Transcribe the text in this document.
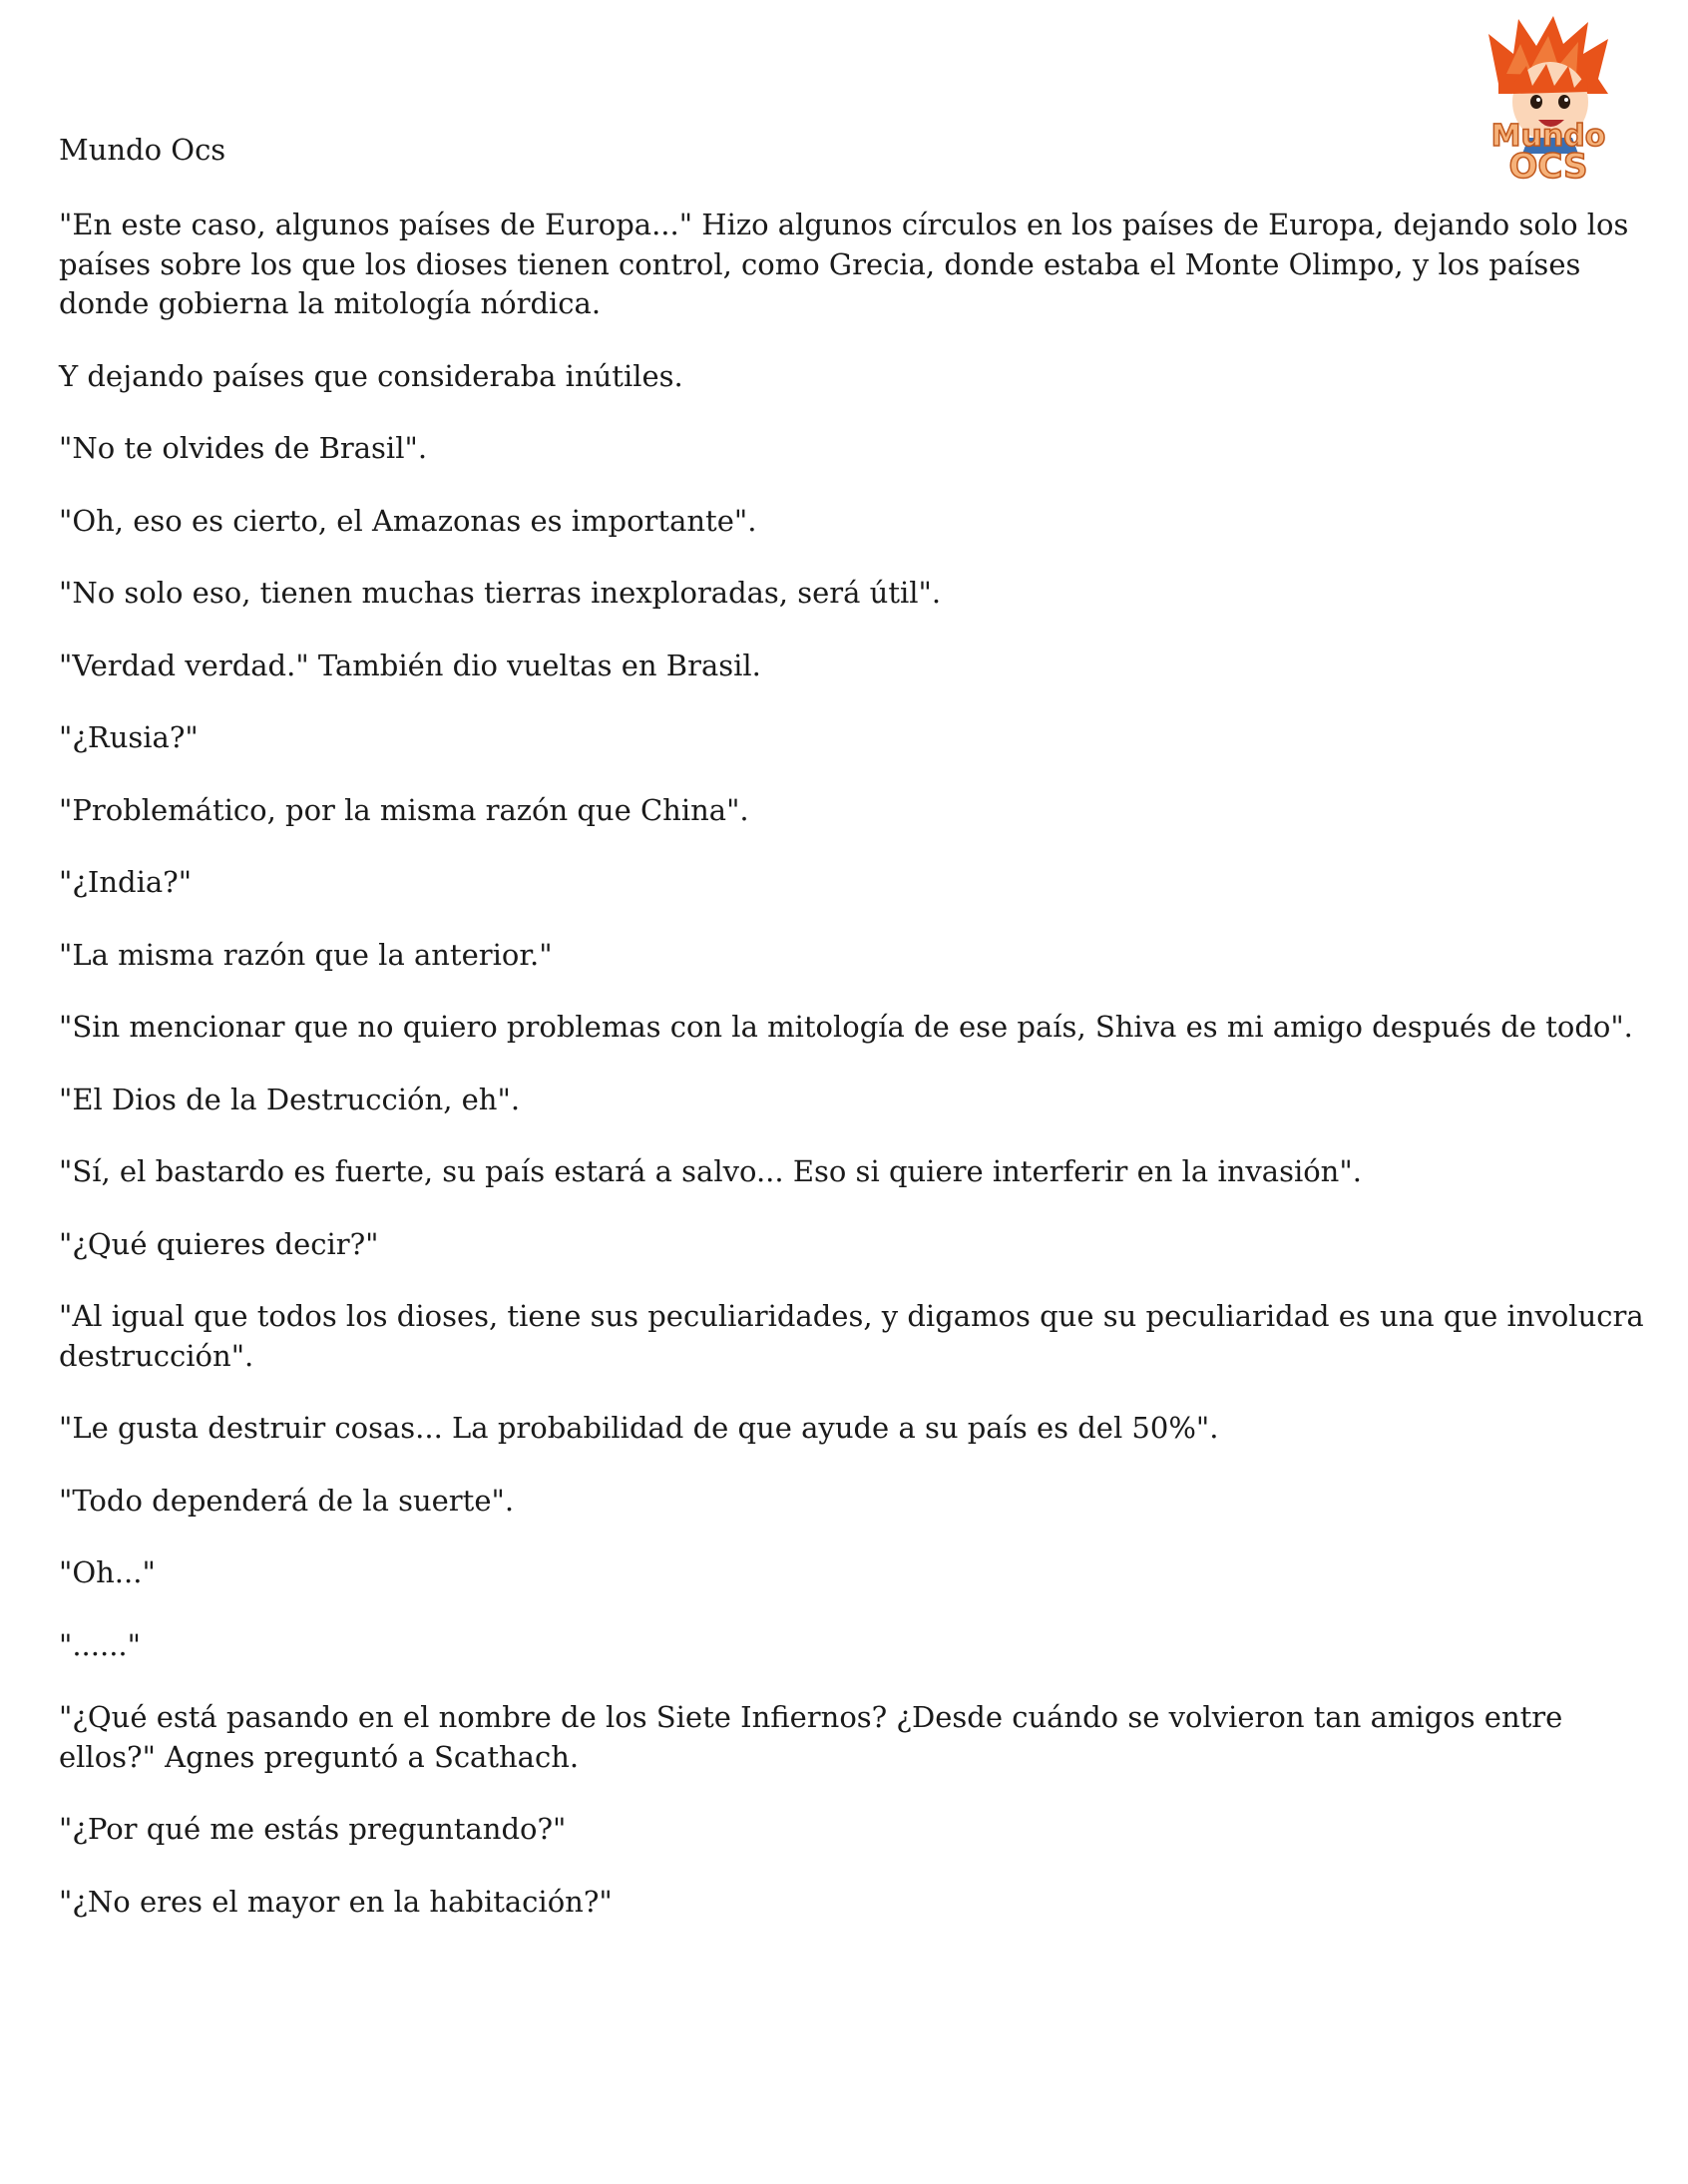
Mundo
OCS
Mundo Ocs

"En este caso, algunos países de Europa..." Hizo algunos círculos en los países de Europa, dejando solo los países sobre los que los dioses tienen control, como Grecia, donde estaba el Monte Olimpo, y los países donde gobierna la mitología nórdica.

Y dejando países que consideraba inútiles.

"No te olvides de Brasil".

"Oh, eso es cierto, el Amazonas es importante".

"No solo eso, tienen muchas tierras inexploradas, será útil".

"Verdad verdad." También dio vueltas en Brasil.

"¿Rusia?"

"Problemático, por la misma razón que China".

"¿India?"

"La misma razón que la anterior."

"Sin mencionar que no quiero problemas con la mitología de ese país, Shiva es mi amigo después de todo".

"El Dios de la Destrucción, eh".

"Sí, el bastardo es fuerte, su país estará a salvo... Eso si quiere interferir en la invasión".

"¿Qué quieres decir?"

"Al igual que todos los dioses, tiene sus peculiaridades, y digamos que su peculiaridad es una que involucra destrucción".

"Le gusta destruir cosas... La probabilidad de que ayude a su país es del 50%".

"Todo dependerá de la suerte".

"Oh..."

"......"

"¿Qué está pasando en el nombre de los Siete Infiernos? ¿Desde cuándo se volvieron tan amigos entre ellos?" Agnes preguntó a Scathach.

"¿Por qué me estás preguntando?"

"¿No eres el mayor en la habitación?"
